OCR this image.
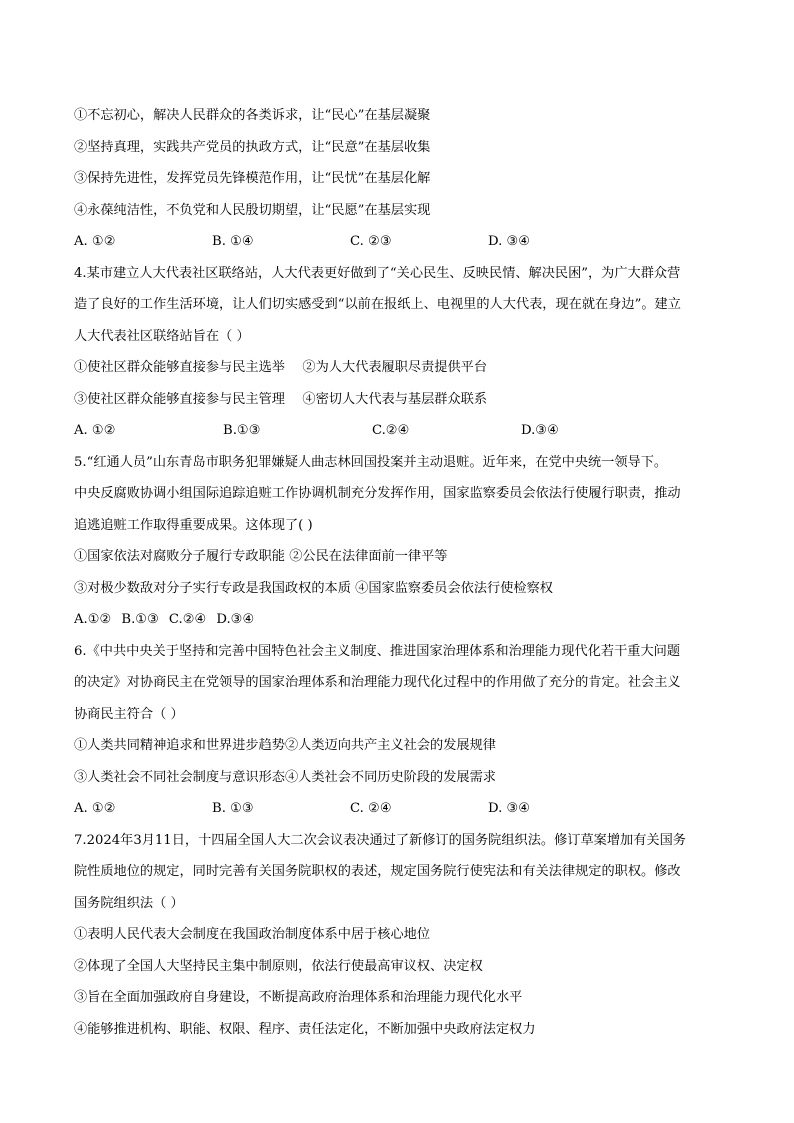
①不忘初心，解决人民群众的各类诉求，让“民心”在基层凝聚
②坚持真理，实践共产党员的执政方式，让“民意”在基层收集
③保持先进性，发挥党员先锋模范作用，让“民忧”在基层化解
④永葆纯洁性，不负党和人民殷切期望，让“民愿”在基层实现
A. ①②	B. ①④	C. ②③	D. ③④
4.某市建立人大代表社区联络站，人大代表更好做到了“关心民生、反映民情、解决民困”，为广大群众营
造了良好的工作生活环境，让人们切实感受到“以前在报纸上、电视里的人大代表，现在就在身边”。建立
人大代表社区联络站旨在（ ）
①使社区群众能够直接参与民主选举　 ②为人大代表履职尽责提供平台
③使社区群众能够直接参与民主管理　 ④密切人大代表与基层群众联系
A. ①②	B.①③	C.②④	D.③④
5.“红通人员”山东青岛市职务犯罪嫌疑人曲志林回国投案并主动退赃。近年来，在党中央统一领导下。
中央反腐败协调小组国际追踪追赃工作协调机制充分发挥作用，国家监察委员会依法行使履行职责，推动
追逃追赃工作取得重要成果。这体现了( )
①国家依法对腐败分子履行专政职能 ②公民在法律面前一律平等
③对极少数敌对分子实行专政是我国政权的本质 ④国家监察委员会依法行使检察权
A.①② B.①③ C.②④ D.③④
6.《中共中央关于坚持和完善中国特色社会主义制度、推进国家治理体系和治理能力现代化若干重大问题
的决定》对协商民主在党领导的国家治理体系和治理能力现代化过程中的作用做了充分的肯定。社会主义
协商民主符合（ ）
①人类共同精神追求和世界进步趋势②人类迈向共产主义社会的发展规律
③人类社会不同社会制度与意识形态④人类社会不同历史阶段的发展需求
A. ①②	B. ①③	C. ②④	D. ③④
7.2024年3月11日，十四届全国人大二次会议表决通过了新修订的国务院组织法。修订草案增加有关国务
院性质地位的规定，同时完善有关国务院职权的表述，规定国务院行使宪法和有关法律规定的职权。修改
国务院组织法（ ）
①表明人民代表大会制度在我国政治制度体系中居于核心地位
②体现了全国人大坚持民主集中制原则，依法行使最高审议权、决定权
③旨在全面加强政府自身建设，不断提高政府治理体系和治理能力现代化水平
④能够推进机构、职能、权限、程序、责任法定化，不断加强中央政府法定权力
